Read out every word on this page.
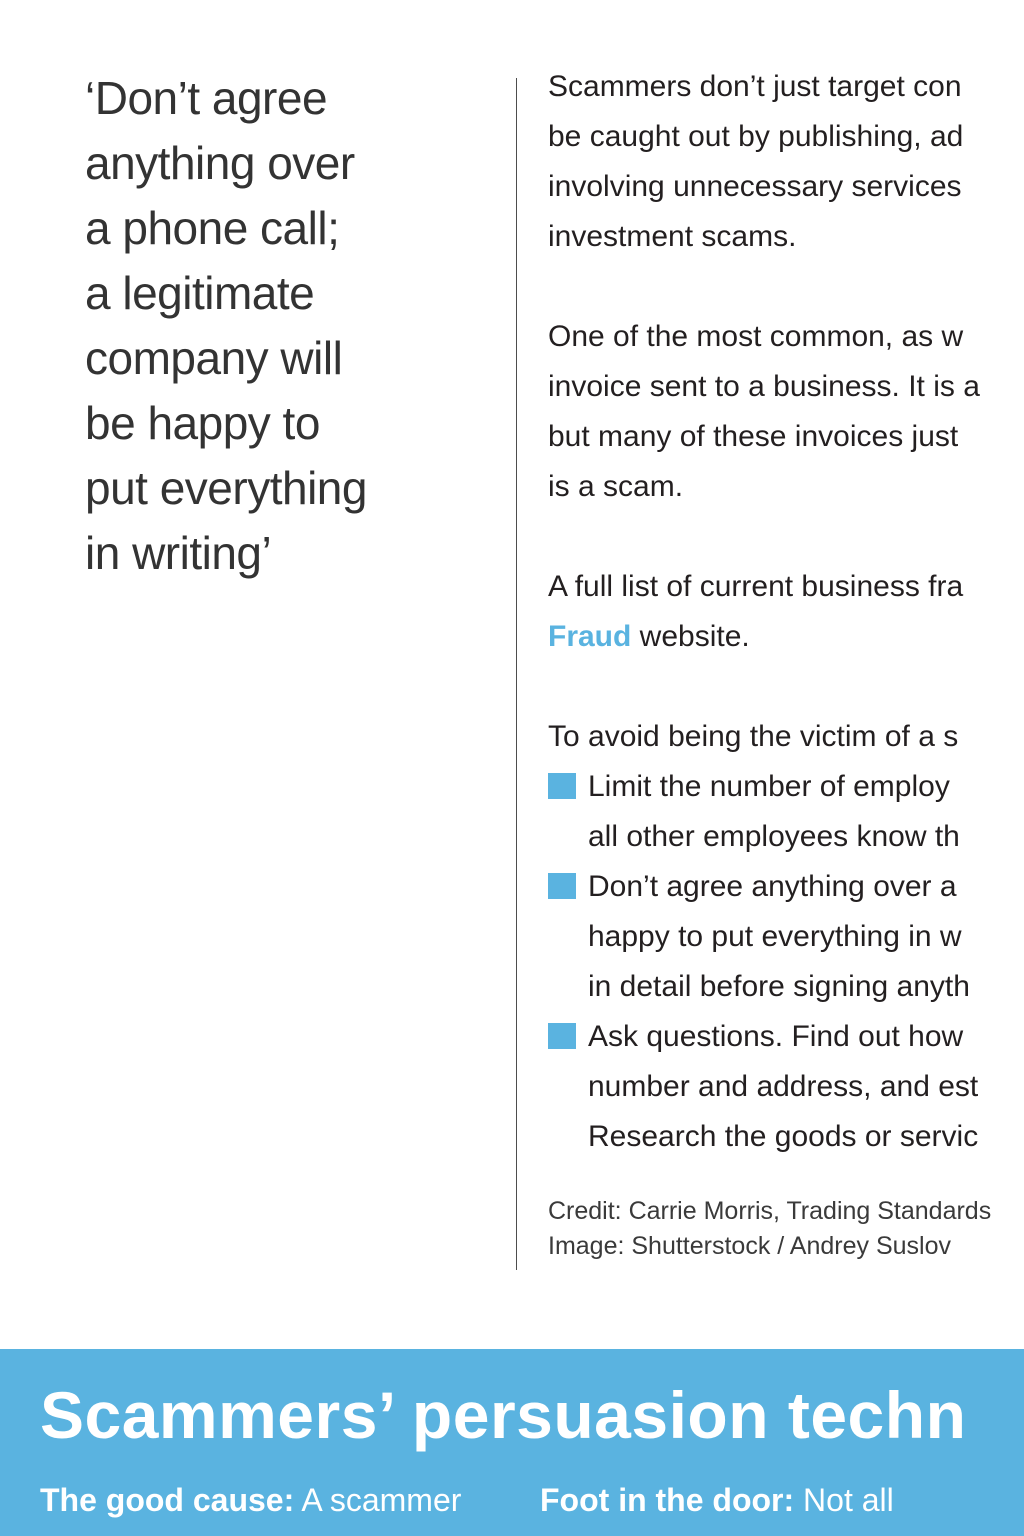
‘Don’t agree
anything over
a phone call;
a legitimate
company will
be happy to
put everything
in writing’

Scammers don’t just target con
be caught out by publishing, ad
involving unnecessary services
investment scams.

One of the most common, as w
invoice sent to a business. It is a
but many of these invoices just
is a scam.

A full list of current business fra
Fraud website.

To avoid being the victim of a s

Limit the number of employ
all other employees know th
Don’t agree anything over a
happy to put everything in w
in detail before signing anyth
Ask questions. Find out how
number and address, and est
Research the goods or servic
Credit: Carrie Morris, Trading Standards
Image: Shutterstock / Andrey Suslov
Scammers’ persuasion techn
The good cause: A scammer Foot in the door: Not all
